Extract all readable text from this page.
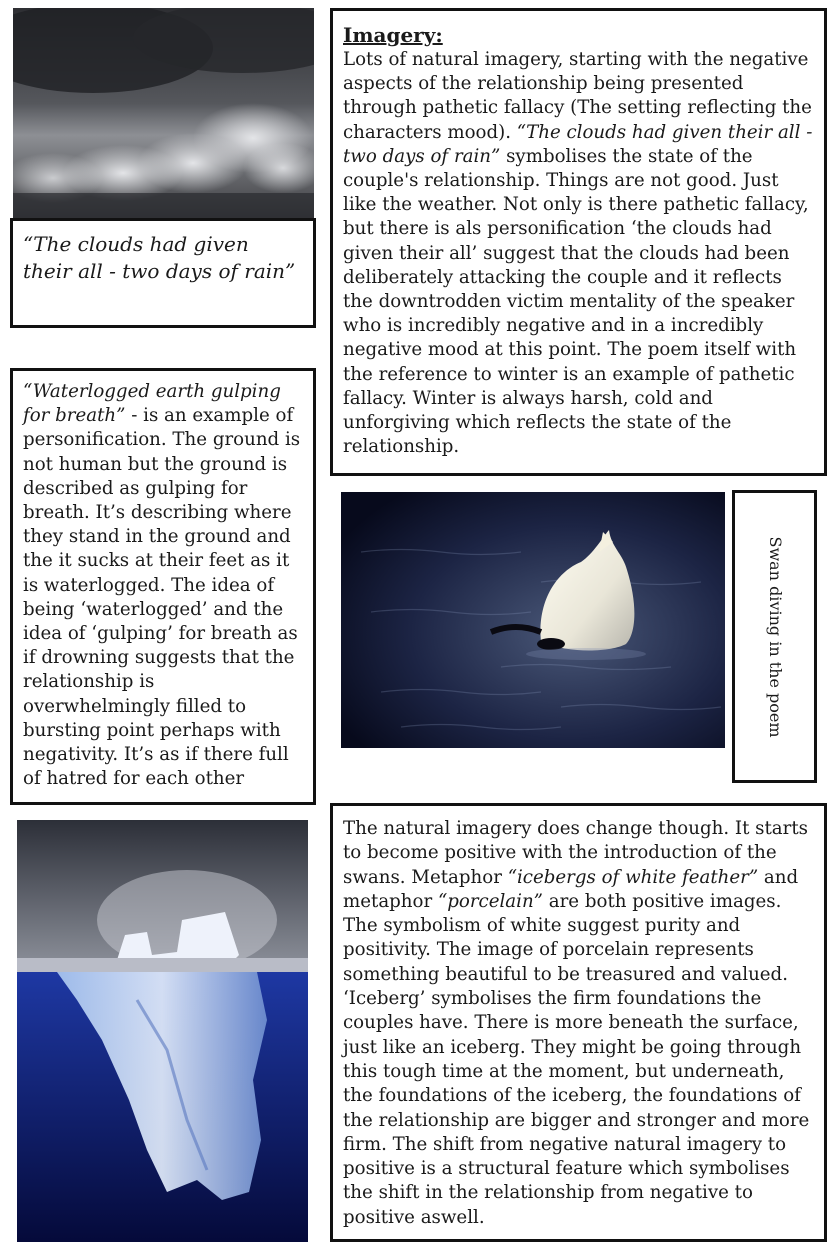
“The clouds had given their all - two days of rain”
Imagery:
Lots of natural imagery, starting with the negative aspects of the relationship being presented through pathetic fallacy (The setting reflecting the characters mood). “The clouds had given their all - two days of rain” symbolises the state of the couple's relationship. Things are not good. Just like the weather. Not only is there pathetic fallacy, but there is als personification ‘the clouds had given their all’ suggest that the clouds had been deliberately attacking the couple and it reflects the downtrodden victim mentality of the speaker who is incredibly negative and in a incredibly negative mood at this point. The poem itself with the reference to winter is an example of pathetic fallacy. Winter is always harsh, cold and unforgiving which reflects the state of the relationship.
“Waterlogged earth gulping for breath” - is an example of personification. The ground is not human but the ground is described as gulping for breath. It’s describing where they stand in the ground and the it sucks at their feet as it is waterlogged. The idea of being ‘waterlogged’ and the idea of ‘gulping’ for breath as if drowning suggests that the relationship is overwhelmingly filled to bursting point perhaps with negativity. It’s as if there full of hatred for each other
Swan diving in the poem
The natural imagery does change though. It starts to become positive with the introduction of the swans. Metaphor “icebergs of white feather” and metaphor “porcelain” are both positive images. The symbolism of white suggest purity and positivity. The image of porcelain represents something beautiful to be treasured and valued. ‘Iceberg’ symbolises the firm foundations the couples have. There is more beneath the surface, just like an iceberg. They might be going through this tough time at the moment, but underneath, the foundations of the iceberg, the foundations of the relationship are bigger and stronger and more firm. The shift from negative natural imagery to positive is a structural feature which symbolises the shift in the relationship from negative to positive aswell.
